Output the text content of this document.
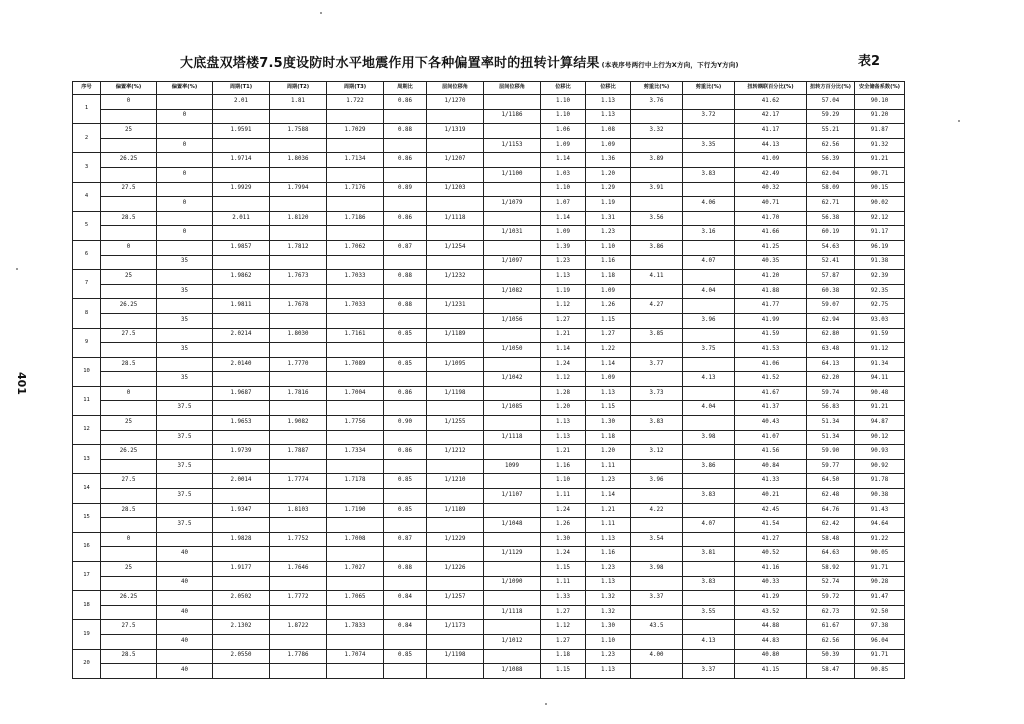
大底盘双塔楼7.5度设防时水平地震作用下各种偏置率时的扭转计算结果 (本表序号两行中上行为X方向，下行为Y方向)	表2
401
序号	偏置率(%)	偏置率(%)	周期(T1)	周期(T2)	周期(T3)	周期比	层间位移角	层间位移角	位移比	位移比	剪重比(%)	剪重比(%)	扭转耦联百分比(%)	扭转方百分比(%)	安全储备系数(%)
1	0		2.01	1.81	1.722	0.86	1/1270		1.10	1.13	3.76		41.62	57.04	90.10
		0						1/1186	1.10	1.13		3.72	42.17	59.29	91.20
2	25		1.9591	1.7588	1.7029	0.88	1/1319		1.06	1.08	3.32		41.17	55.21	91.87
		0						1/1153	1.09	1.09		3.35	44.13	62.56	91.32
3	26.25		1.9714	1.8036	1.7134	0.86	1/1207		1.14	1.36	3.89		41.09	56.39	91.21
		0						1/1100	1.03	1.20		3.83	42.49	62.04	90.71
4	27.5		1.9929	1.7994	1.7176	0.89	1/1203		1.10	1.29	3.91		40.32	58.09	90.15
		0						1/1079	1.07	1.19		4.06	40.71	62.71	90.02
5	28.5		2.011	1.8120	1.7186	0.86	1/1118		1.14	1.31	3.56		41.70	56.38	92.12
		0						1/1031	1.09	1.23		3.16	41.66	60.19	91.17
6	0		1.9857	1.7812	1.7062	0.87	1/1254		1.39	1.10	3.86		41.25	54.63	96.19
		35						1/1097	1.23	1.16		4.07	40.35	52.41	91.38
7	25		1.9862	1.7673	1.7033	0.88	1/1232		1.13	1.18	4.11		41.20	57.87	92.39
		35						1/1082	1.19	1.09		4.04	41.88	60.38	92.35
8	26.25		1.9811	1.7678	1.7033	0.88	1/1231		1.12	1.26	4.27		41.77	59.07	92.75
		35						1/1056	1.27	1.15		3.96	41.99	62.94	93.03
9	27.5		2.0214	1.8030	1.7161	0.85	1/1189		1.21	1.27	3.85		41.59	62.80	91.59
		35						1/1050	1.14	1.22		3.75	41.53	63.48	91.12
10	28.5		2.0140	1.7770	1.7089	0.85	1/1095		1.24	1.14	3.77		41.06	64.13	91.34
		35						1/1042	1.12	1.09		4.13	41.52	62.20	94.11
11	0		1.9687	1.7816	1.7004	0.86	1/1198		1.28	1.13	3.73		41.67	59.74	90.48
		37.5						1/1085	1.20	1.15		4.04	41.37	56.83	91.21
12	25		1.9653	1.9082	1.7756	0.90	1/1255		1.13	1.30	3.83		40.43	51.34	94.87
		37.5						1/1118	1.13	1.18		3.98	41.07	51.34	90.12
13	26.25		1.9739	1.7887	1.7334	0.86	1/1212		1.21	1.20	3.12		41.56	59.90	90.93
		37.5						1099	1.16	1.11		3.86	40.84	59.77	90.92
14	27.5		2.0014	1.7774	1.7178	0.85	1/1210		1.10	1.23	3.96		41.33	64.50	91.78
		37.5						1/1107	1.11	1.14		3.83	40.21	62.48	90.38
15	28.5		1.9347	1.8103	1.7190	0.85	1/1189		1.24	1.21	4.22		42.45	64.76	91.43
		37.5						1/1048	1.26	1.11		4.07	41.54	62.42	94.64
16	0		1.9828	1.7752	1.7008	0.87	1/1229		1.30	1.13	3.54		41.27	58.48	91.22
		40						1/1129	1.24	1.16		3.81	40.52	64.63	90.05
17	25		1.9177	1.7646	1.7027	0.88	1/1226		1.15	1.23	3.98		41.16	58.92	91.71
		40						1/1090	1.11	1.13		3.83	40.33	52.74	90.28
18	26.25		2.0502	1.7772	1.7065	0.84	1/1257		1.33	1.32	3.37		41.29	59.72	91.47
		40						1/1118	1.27	1.32		3.55	43.52	62.73	92.50
19	27.5		2.1302	1.8722	1.7833	0.84	1/1173		1.12	1.30	43.5		44.88	61.67	97.38
		40						1/1012	1.27	1.10		4.13	44.83	62.56	96.04
20	28.5		2.0550	1.7786	1.7074	0.85	1/1198		1.18	1.23	4.00		40.80	50.39	91.71
		40						1/1088	1.15	1.13		3.37	41.15	58.47	90.85
